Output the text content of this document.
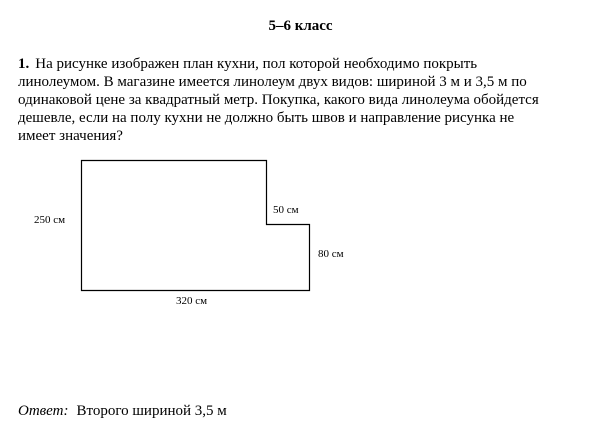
5–6 класс
1. На рисунке изображен план кухни, пол которой необходимо покрыть
линолеумом. В магазине имеется линолеум двух видов: шириной 3 м и 3,5 м по
одинаковой цене за квадратный метр. Покупка, какого вида линолеума обойдется
дешевле, если на полу кухни не должно быть швов и направление рисунка не
имеет значения?
250 см
50 см
80 см
320 см
Ответ: Второго шириной 3,5 м
